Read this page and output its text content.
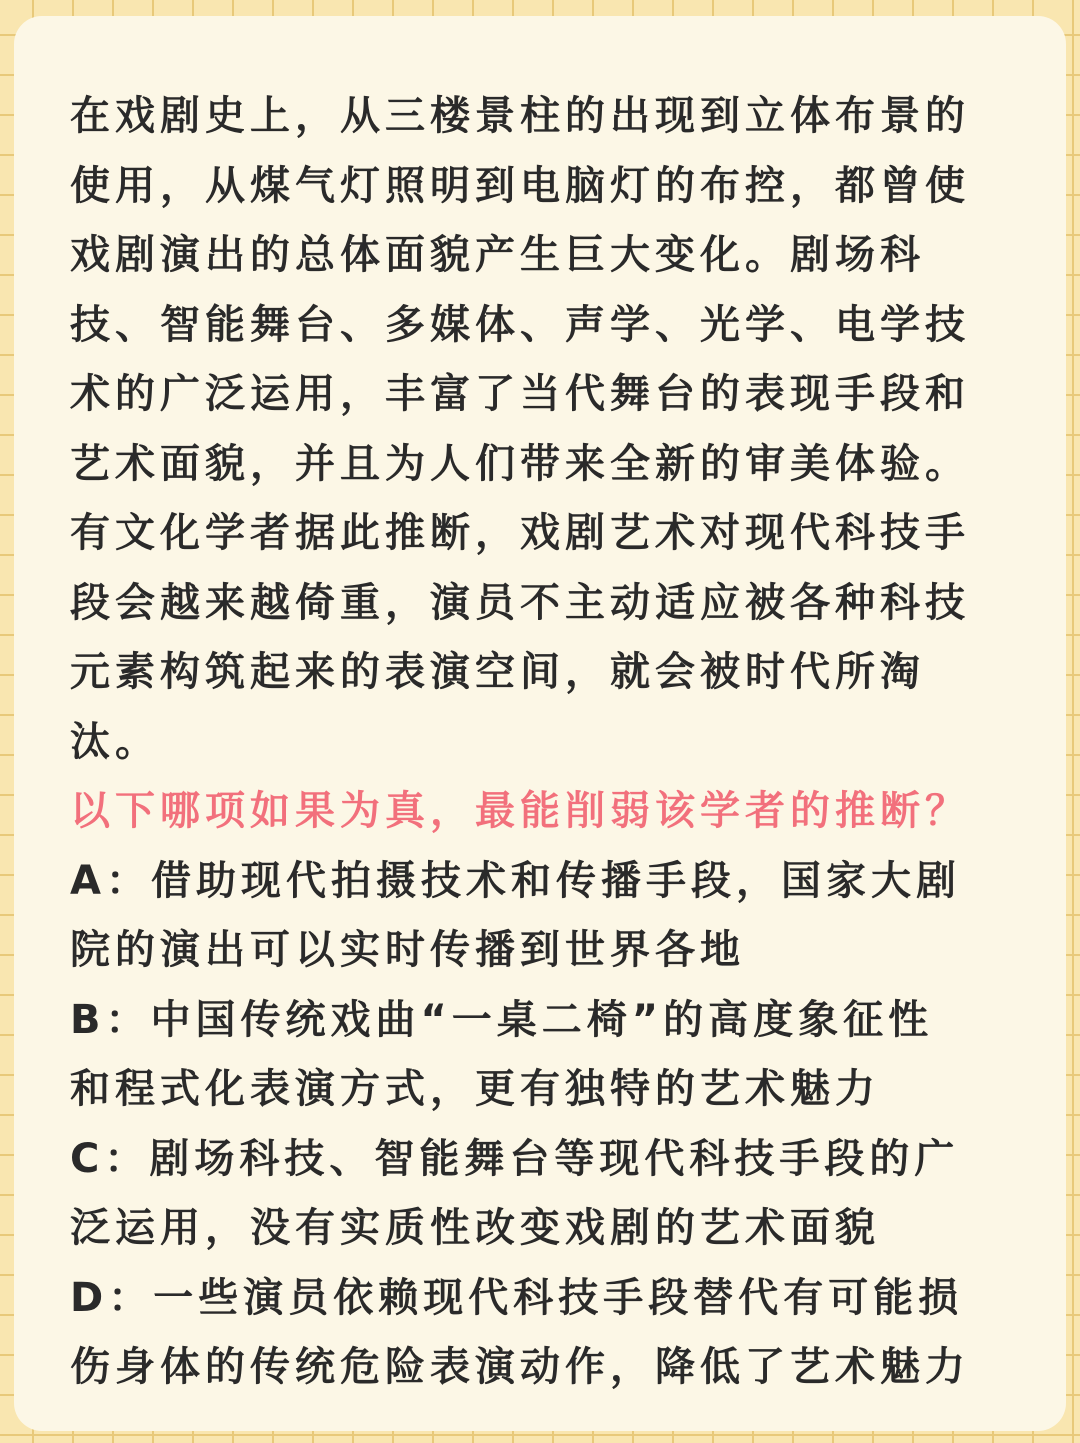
在戏剧史上，从三楼景柱的出现到立体布景的
使用，从煤气灯照明到电脑灯的布控，都曾使
戏剧演出的总体面貌产生巨大变化。剧场科
技、智能舞台、多媒体、声学、光学、电学技
术的广泛运用，丰富了当代舞台的表现手段和
艺术面貌，并且为人们带来全新的审美体验。
有文化学者据此推断，戏剧艺术对现代科技手
段会越来越倚重，演员不主动适应被各种科技
元素构筑起来的表演空间，就会被时代所淘
汰。
以下哪项如果为真，最能削弱该学者的推断？
A：借助现代拍摄技术和传播手段，国家大剧
院的演出可以实时传播到世界各地
B：中国传统戏曲“一桌二椅”的高度象征性
和程式化表演方式，更有独特的艺术魅力
C：剧场科技、智能舞台等现代科技手段的广
泛运用，没有实质性改变戏剧的艺术面貌
D：一些演员依赖现代科技手段替代有可能损
伤身体的传统危险表演动作，降低了艺术魅力
